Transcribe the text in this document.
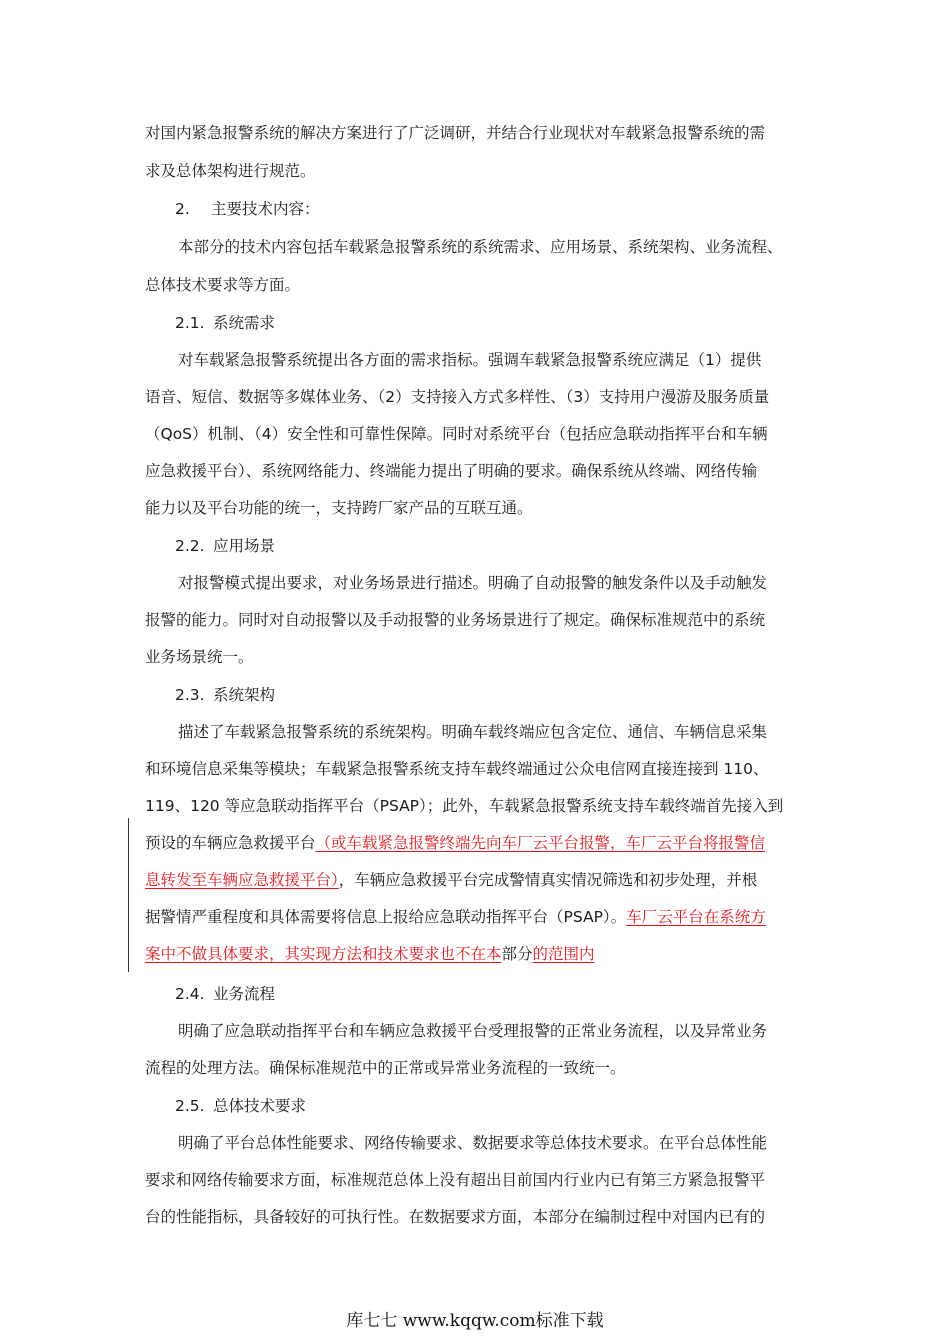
对国内紧急报警系统的解决方案进行了广泛调研，并结合行业现状对车载紧急报警系统的需
求及总体架构进行规范。
2. 主要技术内容：
本部分的技术内容包括车载紧急报警系统的系统需求、应用场景、系统架构、业务流程、
总体技术要求等方面。
2.1. 系统需求
对车载紧急报警系统提出各方面的需求指标。强调车载紧急报警系统应满足（1）提供
语音、短信、数据等多媒体业务、（2）支持接入方式多样性、（3）支持用户漫游及服务质量
（QoS）机制、（4）安全性和可靠性保障。同时对系统平台（包括应急联动指挥平台和车辆
应急救援平台）、系统网络能力、终端能力提出了明确的要求。确保系统从终端、网络传输
能力以及平台功能的统一，支持跨厂家产品的互联互通。
2.2. 应用场景
对报警模式提出要求，对业务场景进行描述。明确了自动报警的触发条件以及手动触发
报警的能力。同时对自动报警以及手动报警的业务场景进行了规定。确保标准规范中的系统
业务场景统一。
2.3. 系统架构
描述了车载紧急报警系统的系统架构。明确车载终端应包含定位、通信、车辆信息采集
和环境信息采集等模块；车载紧急报警系统支持车载终端通过公众电信网直接连接到 110、
119、120 等应急联动指挥平台（PSAP）；此外，车载紧急报警系统支持车载终端首先接入到
预设的车辆应急救援平台（或车载紧急报警终端先向车厂云平台报警，车厂云平台将报警信
息转发至车辆应急救援平台），车辆应急救援平台完成警情真实情况筛选和初步处理，并根
据警情严重程度和具体需要将信息上报给应急联动指挥平台（PSAP）。车厂云平台在系统方
案中不做具体要求，其实现方法和技术要求也不在本部分的范围内
2.4. 业务流程
明确了应急联动指挥平台和车辆应急救援平台受理报警的正常业务流程，以及异常业务
流程的处理方法。确保标准规范中的正常或异常业务流程的一致统一。
2.5. 总体技术要求
明确了平台总体性能要求、网络传输要求、数据要求等总体技术要求。在平台总体性能
要求和网络传输要求方面，标准规范总体上没有超出目前国内行业内已有第三方紧急报警平
台的性能指标，具备较好的可执行性。在数据要求方面，本部分在编制过程中对国内已有的
库七七 www.kqqw.com标准下载
